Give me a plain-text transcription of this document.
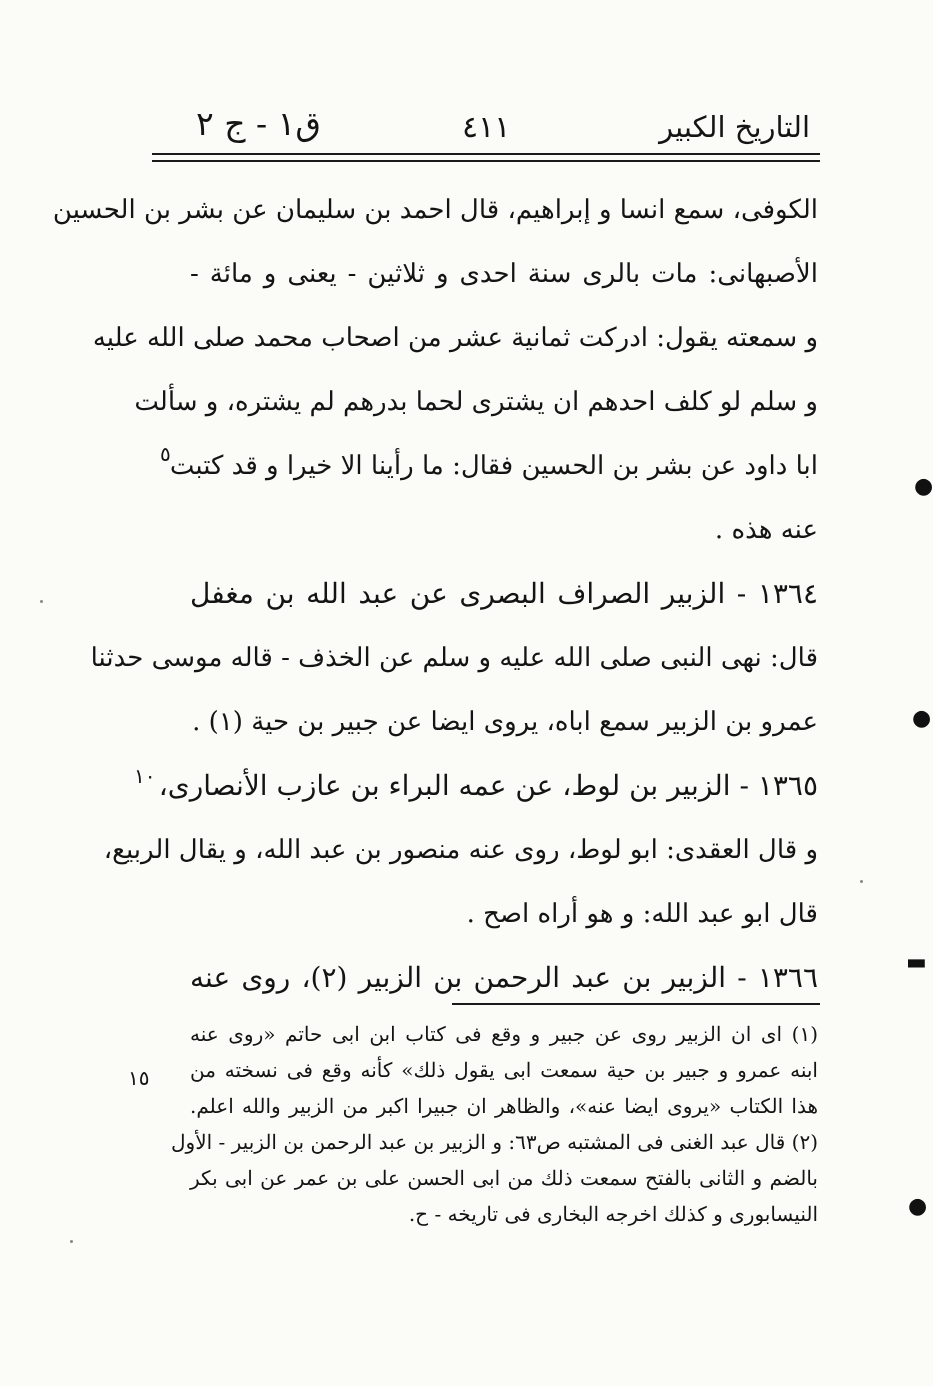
التاريخ الكبير
٤١١
ق١ - ج ٢
الكوفى، سمع انسا و إبراهيم، قال احمد بن سليمان عن بشر بن الحسين
الأصبهانى: مات بالرى سنة احدى و ثلاثين - يعنى و مائة -
و سمعته يقول: ادركت ثمانية عشر من اصحاب محمد صلى الله عليه
و سلم لو كلف احدهم ان يشترى لحما بدرهم لم يشتره، و سألت
ابا داود عن بشر بن الحسين فقال: ما رأينا الا خيرا و قد كتبت
عنه هذه .
١٣٦٤ - الزبير الصراف البصرى عن عبد الله بن مغفل
قال: نهى النبى صلى الله عليه و سلم عن الخذف - قاله موسى حدثنا
عمرو بن الزبير سمع اباه، يروى ايضا عن جبير بن حية (١) .
١٣٦٥ - الزبير بن لوط، عن عمه البراء بن عازب الأنصارى،
و قال العقدى: ابو لوط، روى عنه منصور بن عبد الله، و يقال الربيع،
قال ابو عبد الله: و هو أراه اصح .
١٣٦٦ - الزبير بن عبد الرحمن بن الزبير (٢)، روى عنه
٥
١٠
١٥
(١) اى ان الزبير روى عن جبير و وقع فى كتاب ابن ابى حاتم «روى عنه
ابنه عمرو و جبير بن حية سمعت ابى يقول ذلك» كأنه وقع فى نسخته من
هذا الكتاب «يروى ايضا عنه»، والظاهر ان جبيرا اكبر من الزبير والله اعلم.
(٢) قال عبد الغنى فى المشتبه ص٦٣: و الزبير بن عبد الرحمن بن الزبير - الأول
بالضم و الثانى بالفتح سمعت ذلك من ابى الحسن على بن عمر عن ابى بكر
النيسابورى و كذلك اخرجه البخارى فى تاريخه - ح.
●
●
▬
●
